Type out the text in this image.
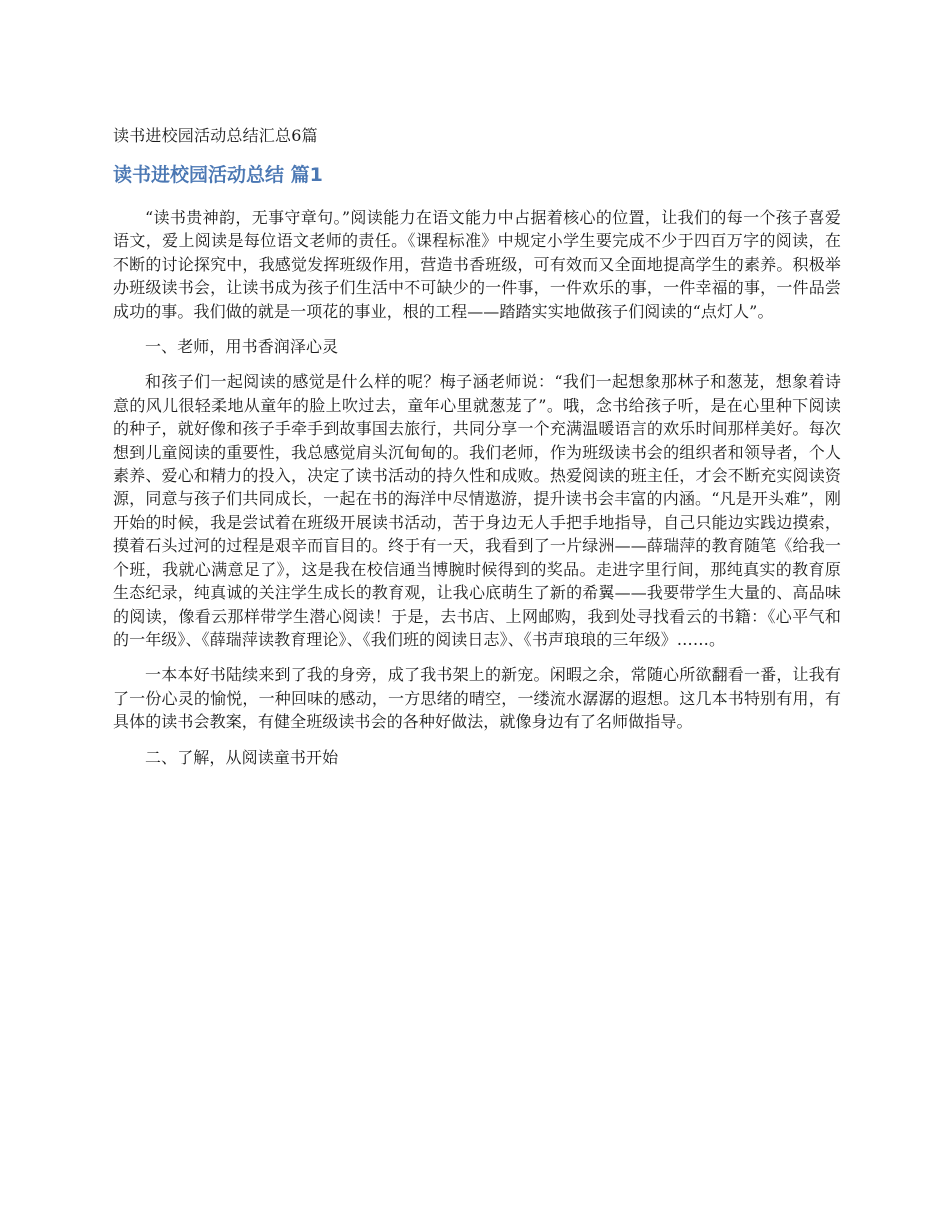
读书进校园活动总结汇总6篇
读书进校园活动总结 篇1

“读书贵神韵，无事守章句。”阅读能力在语文能力中占据着核心的位置，让我们的每一个孩子喜爱语文，爱上阅读是每位语文老师的责任。《课程标准》中规定小学生要完成不少于四百万字的阅读，在不断的讨论探究中，我感觉发挥班级作用，营造书香班级，可有效而又全面地提高学生的素养。积极举办班级读书会，让读书成为孩子们生活中不可缺少的一件事，一件欢乐的事，一件幸福的事，一件品尝成功的事。我们做的就是一项花的事业，根的工程——踏踏实实地做孩子们阅读的“点灯人”。

一、老师，用书香润泽心灵

和孩子们一起阅读的感觉是什么样的呢？梅子涵老师说：“我们一起想象那林子和葱茏，想象着诗意的风儿很轻柔地从童年的脸上吹过去，童年心里就葱茏了”。哦，念书给孩子听，是在心里种下阅读的种子，就好像和孩子手牵手到故事国去旅行，共同分享一个充满温暖语言的欢乐时间那样美好。每次想到儿童阅读的重要性，我总感觉肩头沉甸甸的。我们老师，作为班级读书会的组织者和领导者，个人素养、爱心和精力的投入，决定了读书活动的持久性和成败。热爱阅读的班主任，才会不断充实阅读资源，同意与孩子们共同成长，一起在书的海洋中尽情遨游，提升读书会丰富的内涵。“凡是开头难”，刚开始的时候，我是尝试着在班级开展读书活动，苦于身边无人手把手地指导，自己只能边实践边摸索，摸着石头过河的过程是艰辛而盲目的。终于有一天，我看到了一片绿洲——薛瑞萍的教育随笔《给我一个班，我就心满意足了》，这是我在校信通当博腕时候得到的奖品。走进字里行间，那纯真实的教育原生态纪录，纯真诚的关注学生成长的教育观，让我心底萌生了新的希翼——我要带学生大量的、高品味的阅读，像看云那样带学生潜心阅读！于是，去书店、上网邮购，我到处寻找看云的书籍：《心平气和的一年级》、《薛瑞萍读教育理论》、《我们班的阅读日志》、《书声琅琅的三年级》……。

一本本好书陆续来到了我的身旁，成了我书架上的新宠。闲暇之余，常随心所欲翻看一番，让我有了一份心灵的愉悦，一种回味的感动，一方思绪的晴空，一缕流水潺潺的遐想。这几本书特别有用，有具体的读书会教案，有健全班级读书会的各种好做法，就像身边有了名师做指导。

二、了解，从阅读童书开始
